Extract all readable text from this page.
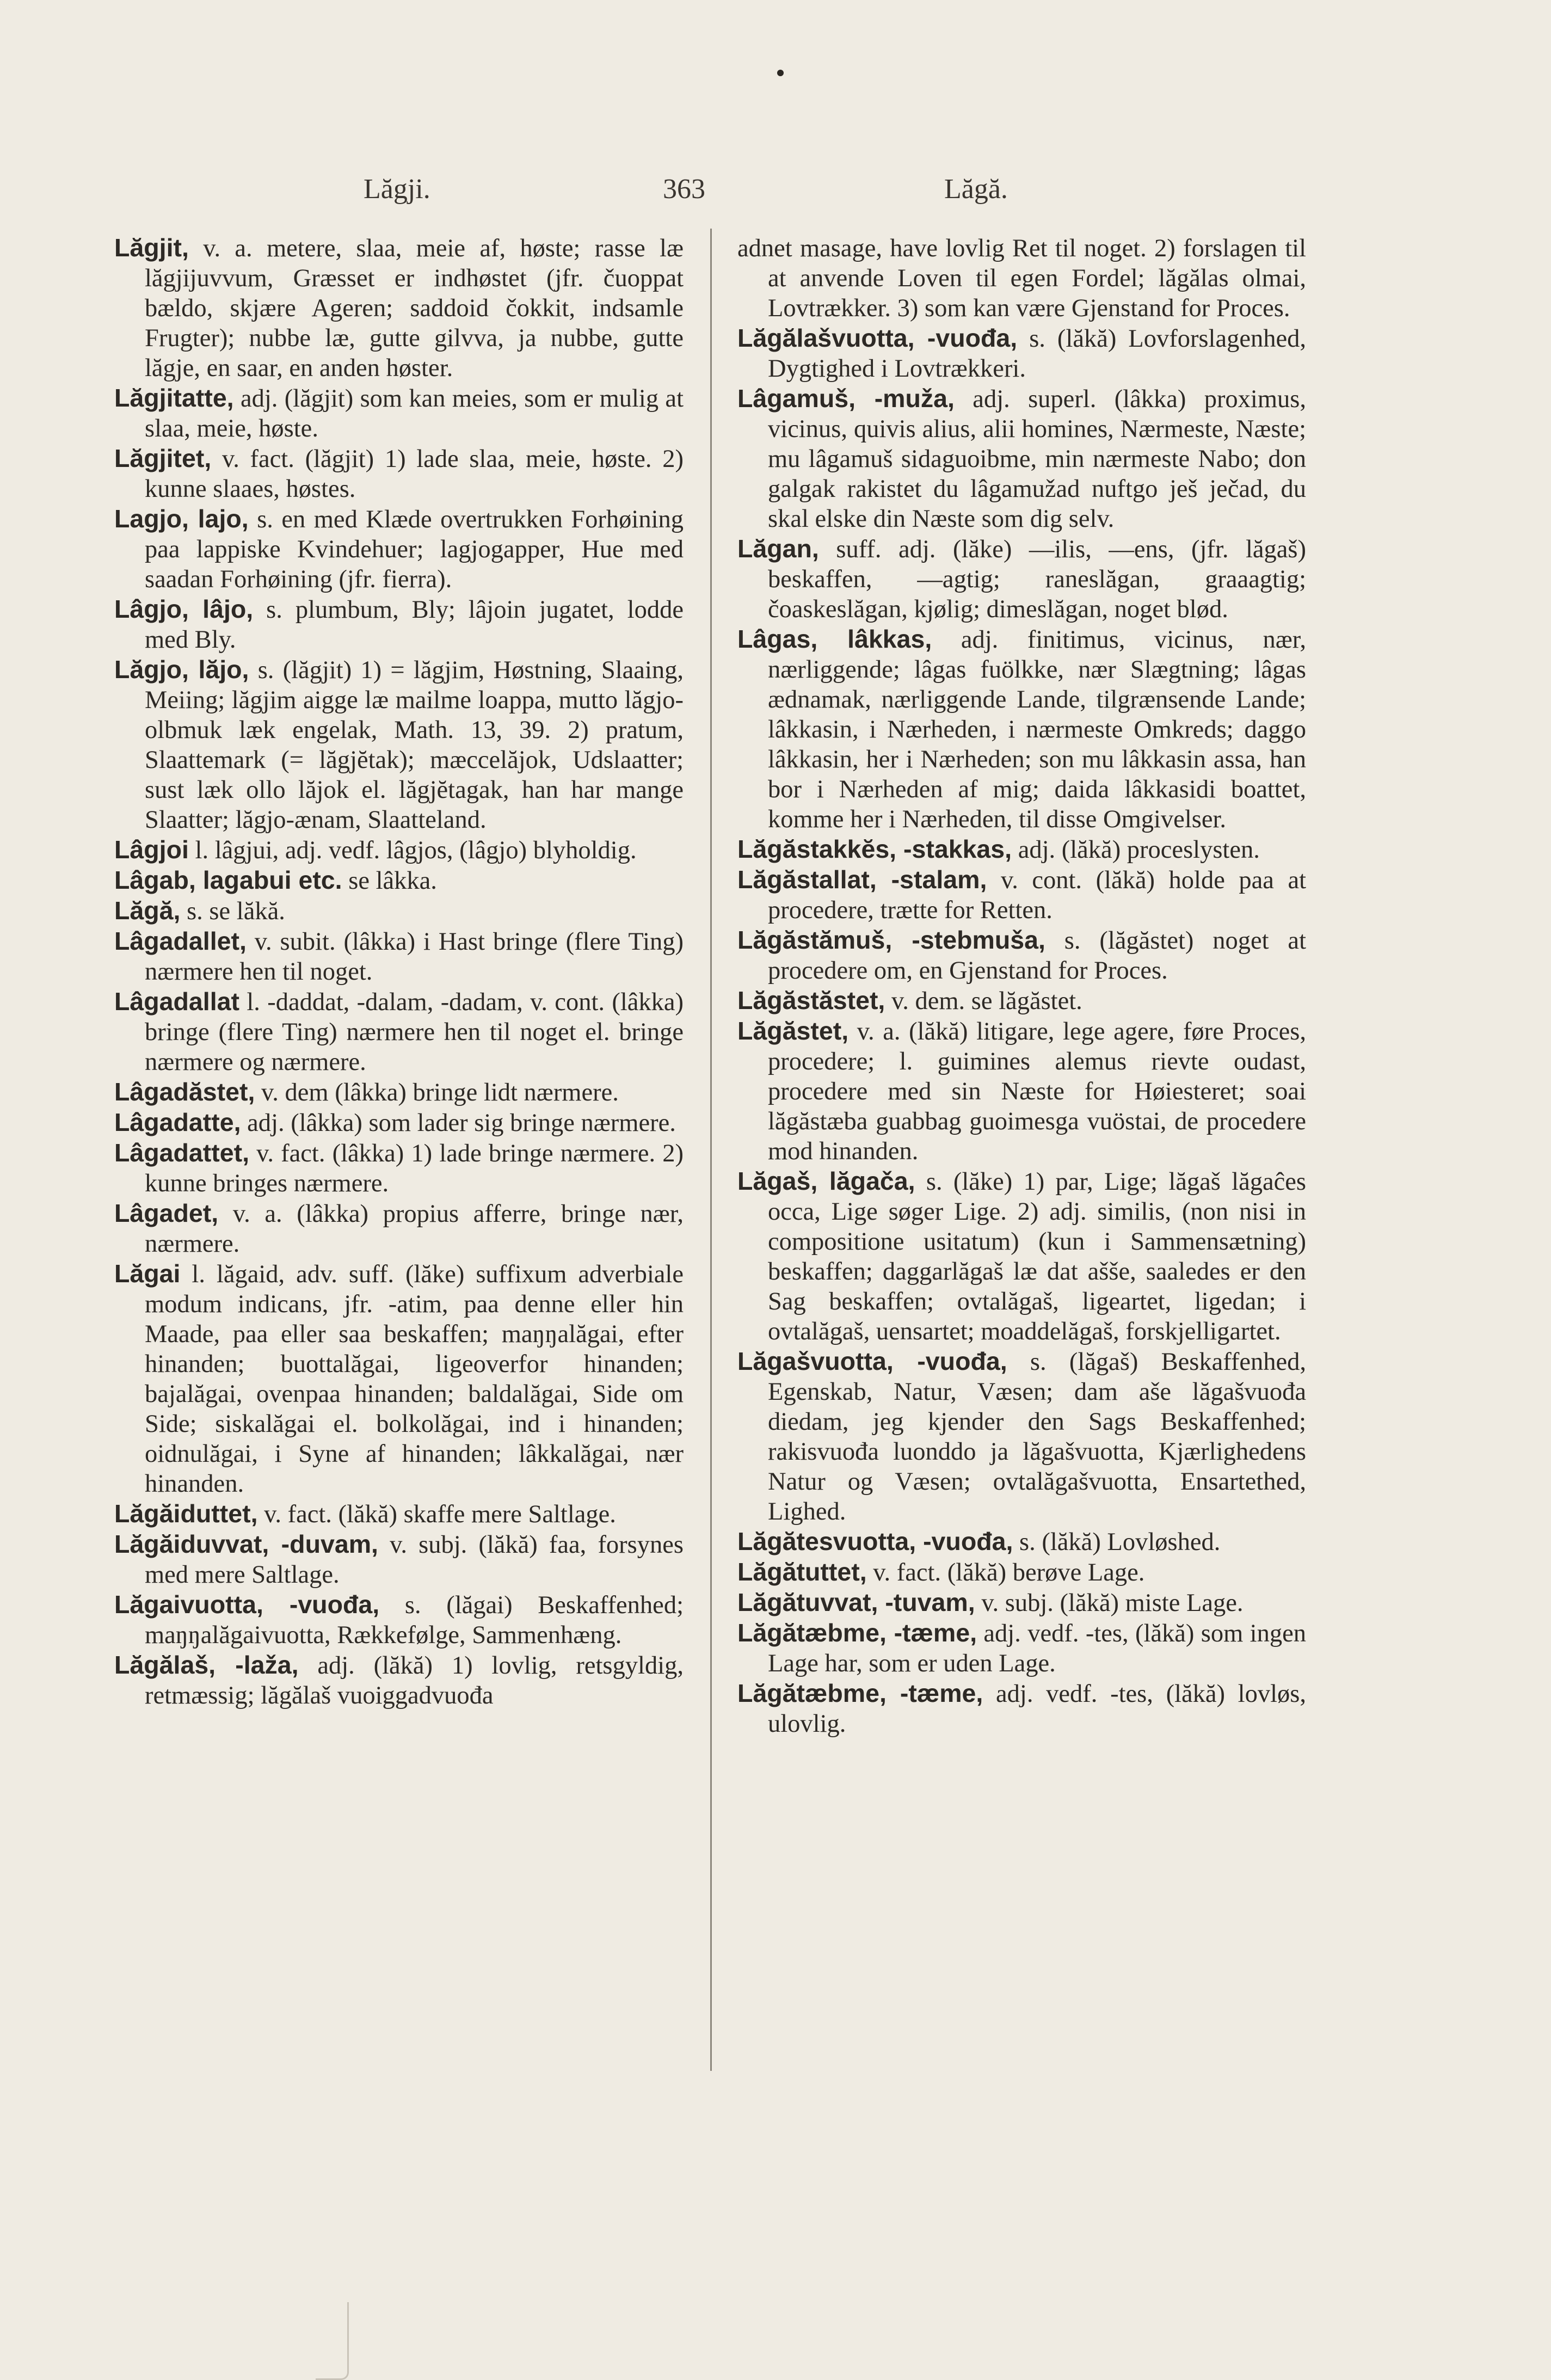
Lăgji.	363	Lăgă.

Lăgjit, v. a. metere, slaa, meie af, høste; rasse læ lăgjijuvvum, Græsset er indhøstet (jfr. čuoppat bældo, skjære Ageren; saddoid čokkit, indsamle Frugter); nubbe læ, gutte gilvva, ja nubbe, gutte lăgje, en saar, en anden høster.

Lăgjitatte, adj. (lăgjit) som kan meies, som er mulig at slaa, meie, høste.

Lăgjitet, v. fact. (lăgjit) 1) lade slaa, meie, høste. 2) kunne slaaes, høstes.

Lagjo, lajo, s. en med Klæde overtrukken Forhøining paa lappiske Kvindehuer; lagjogapper, Hue med saadan Forhøining (jfr. fierra).

Lâgjo, lâjo, s. plumbum, Bly; lâjoin jugatet, lodde med Bly.

Lăgjo, lăjo, s. (lăgjit) 1) = lăgjim, Høstning, Slaaing, Meiing; lăgjim aigge læ mailme loappa, mutto lăgjo-olbmuk læk engelak, Math. 13, 39. 2) pratum, Slaattemark (= lăgjĕtak); mæccelăjok, Udslaatter; sust læk ollo lăjok el. lăgjĕtagak, han har mange Slaatter; lăgjo-ænam, Slaatteland.

Lâgjoi l. lâgjui, adj. vedf. lâgjos, (lâgjo) blyholdig.

Lâgab, lagabui etc. se lâkka.

Lăgă, s. se lăkă.

Lâgadallet, v. subit. (lâkka) i Hast bringe (flere Ting) nærmere hen til noget.

Lâgadallat l. -daddat, -dalam, -dadam, v. cont. (lâkka) bringe (flere Ting) nærmere hen til noget el. bringe nærmere og nærmere.

Lâgadăstet, v. dem (lâkka) bringe lidt nærmere.

Lâgadatte, adj. (lâkka) som lader sig bringe nærmere.

Lâgadattet, v. fact. (lâkka) 1) lade bringe nærmere. 2) kunne bringes nærmere.

Lâgadet, v. a. (lâkka) propius afferre, bringe nær, nærmere.

Lăgai l. lăgaid, adv. suff. (lăke) suffixum adverbiale modum indicans, jfr. -atim, paa denne eller hin Maade, paa eller saa beskaffen; maŋŋalăgai, efter hinanden; buottalăgai, ligeoverfor hinanden; bajalăgai, ovenpaa hinanden; baldalăgai, Side om Side; siskalăgai el. bolkolăgai, ind i hinanden; oidnulăgai, i Syne af hinanden; lâkkalăgai, nær hinanden.

Lăgăiduttet, v. fact. (lăkă) skaffe mere Saltlage.

Lăgăiduvvat, -duvam, v. subj. (lăkă) faa, forsynes med mere Saltlage.

Lăgaivuotta, -vuođa, s. (lăgai) Beskaffenhed; maŋŋalăgaivuotta, Rækkefølge, Sammenhæng.

Lăgălaš, -laža, adj. (lăkă) 1) lovlig, retsgyldig, retmæssig; lăgălaš vuoiggadvuođa

adnet masage, have lovlig Ret til noget. 2) forslagen til at anvende Loven til egen Fordel; lăgălas olmai, Lovtrækker. 3) som kan være Gjenstand for Proces.

Lăgălašvuotta, -vuođa, s. (lăkă) Lovforslagenhed, Dygtighed i Lovtrækkeri.

Lâgamuš, -muža, adj. superl. (lâkka) proximus, vicinus, quivis alius, alii homines, Nærmeste, Næste; mu lâgamuš sidaguoibme, min nærmeste Nabo; don galgak rakistet du lâgamužad nuftgo ješ ječad, du skal elske din Næste som dig selv.

Lăgan, suff. adj. (lăke) —ilis, —ens, (jfr. lăgaš) beskaffen, —agtig; raneslăgan, graaagtig; čoaskeslăgan, kjølig; dimeslăgan, noget blød.

Lâgas, lâkkas, adj. finitimus, vicinus, nær, nærliggende; lâgas fuölkke, nær Slægtning; lâgas ædnamak, nærliggende Lande, tilgrænsende Lande; lâkkasin, i Nærheden, i nærmeste Omkreds; daggo lâkkasin, her i Nærheden; son mu lâkkasin assa, han bor i Nærheden af mig; daida lâkkasidi boattet, komme her i Nærheden, til disse Omgivelser.

Lăgăstakkĕs, -stakkas, adj. (lăkă) proceslysten.

Lăgăstallat, -stalam, v. cont. (lăkă) holde paa at procedere, trætte for Retten.

Lăgăstămuš, -stebmuša, s. (lăgăstet) noget at procedere om, en Gjenstand for Proces.

Lăgăstăstet, v. dem. se lăgăstet.

Lăgăstet, v. a. (lăkă) litigare, lege agere, føre Proces, procedere; l. guimines alemus rievte oudast, procedere med sin Næste for Høiesteret; soai lăgăstæba guabbag guoimesga vuöstai, de procedere mod hinanden.

Lăgaš, lăgača, s. (lăke) 1) par, Lige; lăgaš lăgaĉes occa, Lige søger Lige. 2) adj. similis, (non nisi in compositione usitatum) (kun i Sammensætning) beskaffen; daggarlăgaš læ dat ašše, saaledes er den Sag beskaffen; ovtalăgaš, ligeartet, ligedan; i ovtalăgaš, uensartet; moaddelăgaš, forskjelligartet.

Lăgašvuotta, -vuođa, s. (lăgaš) Beskaffenhed, Egenskab, Natur, Væsen; dam aše lăgašvuođa diedam, jeg kjender den Sags Beskaffenhed; rakisvuođa luonddo ja lăgašvuotta, Kjærlighedens Natur og Væsen; ovtalăgašvuotta, Ensartethed, Lighed.

Lăgătesvuotta, -vuođa, s. (lăkă) Lovløshed.

Lăgătuttet, v. fact. (lăkă) berøve Lage.

Lăgătuvvat, -tuvam, v. subj. (lăkă) miste Lage.

Lăgătæbme, -tæme, adj. vedf. -tes, (lăkă) som ingen Lage har, som er uden Lage.

Lăgătæbme, -tæme, adj. vedf. -tes, (lăkă) lovløs, ulovlig.
